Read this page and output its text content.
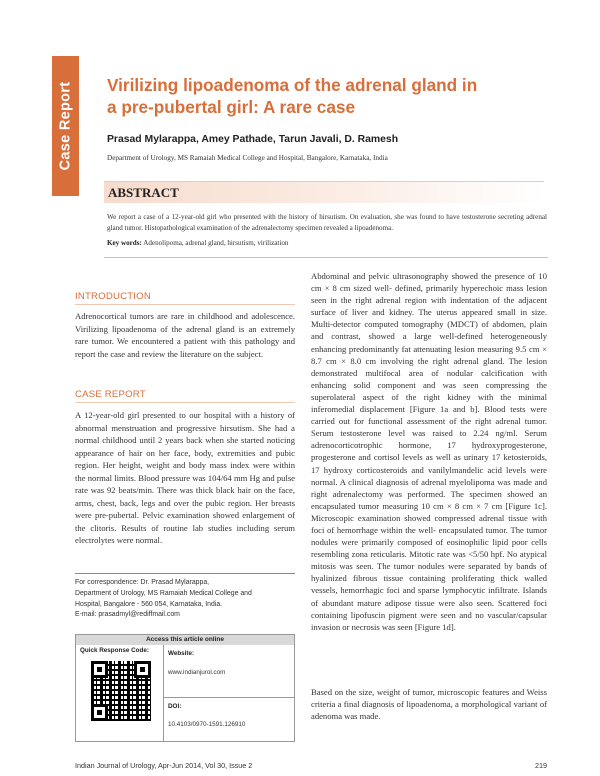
Case Report Virilizing lipoadenoma of the adrenal gland in a pre-pubertal girl: A rare case
Prasad Mylarappa, Amey Pathade, Tarun Javali, D. Ramesh
Department of Urology, MS Ramaiah Medical College and Hospital, Bangalore, Karnataka, India
ABSTRACT

We report a case of a 12-year-old girl who presented with the history of hirsutism. On evaluation, she was found to have testosterone secreting adrenal gland tumor. Histopathological examination of the adrenalectomy specimen revealed a lipoadenoma.

Key words: Adenolipoma, adrenal gland, hirsutism, virilization
INTRODUCTION

Adrenocortical tumors are rare in childhood and adolescence. Virilizing lipoadenoma of the adrenal gland is an extremely rare tumor. We encountered a patient with this pathology and report the case and review the literature on the subject.

CASE REPORT

A 12-year-old girl presented to our hospital with a history of abnormal menstruation and progressive hirsutism. She had a normal childhood until 2 years back when she started noticing appearance of hair on her face, body, extremities and pubic region. Her height, weight and body mass index were within the normal limits. Blood pressure was 104/64 mm Hg and pulse rate was 92 beats/min. There was thick black hair on the face, arms, chest, back, legs and over the pubic region. Her breasts were pre-pubertal. Pelvic examination showed enlargement of the clitoris. Results of routine lab studies including serum electrolytes were normal.

Abdominal and pelvic ultrasonography showed the presence of 10 cm × 8 cm sized well- defined, primarily hyperechoic mass lesion seen in the right adrenal region with indentation of the adjacent surface of liver and kidney. The uterus appeared small in size. Multi-detector computed tomography (MDCT) of abdomen, plain and contrast, showed a large well-defined heterogeneously enhancing predominantly fat attenuating lesion measuring 9.5 cm × 8.7 cm × 8.0 cm involving the right adrenal gland. The lesion demonstrated multifocal area of nodular calcification with enhancing solid component and was seen compressing the superolateral aspect of the right kidney with the minimal inferomedial displacement [Figure 1a and b]. Blood tests were carried out for functional assessment of the right adrenal tumor. Serum testosterone level was raised to 2.24 ng/ml. Serum adrenocorticotrophic hormone, 17 hydroxyprogesterone, progesterone and cortisol levels as well as urinary 17 ketosteroids, 17 hydroxy corticosteroids and vanilylmandelic acid levels were normal. A clinical diagnosis of adrenal myelolipoma was made and right adrenalectomy was performed. The specimen showed an encapsulated tumor measuring 10 cm × 8 cm × 7 cm [Figure 1c]. Microscopic examination showed compressed adrenal tissue with foci of hemorrhage within the well- encapsulated tumor. The tumor nodules were primarily composed of eosinophilic lipid poor cells resembling zona reticularis. Mitotic rate was <5/50 hpf. No atypical mitosis was seen. The tumor nodules were separated by bands of hyalinized fibrous tissue containing proliferating thick walled vessels, hemorrhagic foci and sparse lymphocytic infiltrate. Islands of abundant mature adipose tissue were also seen. Scattered foci containing lipofuscin pigment were seen and no vascular/capsular invasion or necrosis was seen [Figure 1d].

Based on the size, weight of tumor, microscopic features and Weiss criteria a final diagnosis of lipoadenoma, a morphological variant of adenoma was made.

For correspondence: Dr. Prasad Mylarappa,
Department of Urology, MS Ramaiah Medical College and
Hospital, Bangalore - 560 054, Karnataka, India.
E-mail: prasadmyl@rediffmail.com
Access this article online
Quick Response Code:	Website:
www.indianjurol.com
DOI:
10.4103/0970-1591.126910
Indian Journal of Urology, Apr-Jun 2014, Vol 30, Issue 2	219
